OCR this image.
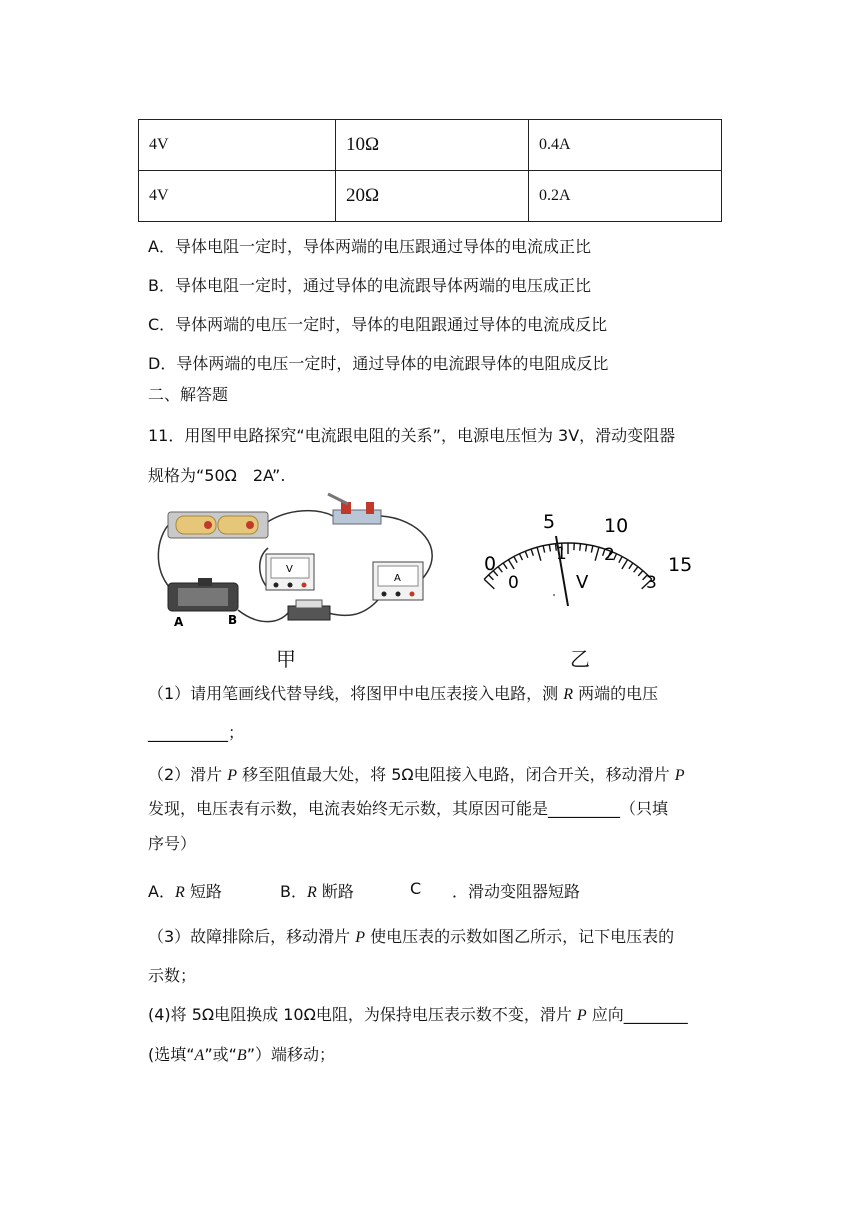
4V	10Ω	0.4A
4V	20Ω	0.2A
A．导体电阻一定时，导体两端的电压跟通过导体的电流成正比
B．导体电阻一定时，通过导体的电流跟导体两端的电压成正比
C．导体两端的电压一定时，导体的电阻跟通过导体的电流成反比
D．导体两端的电压一定时，通过导体的电流跟导体的电阻成反比
二、解答题
11．用图甲电路探究“电流跟电阻的关系”，电源电压恒为 3V，滑动变阻器
规格为“50Ω　2A”.
A	B
V
A
0
5	10
15
0
1 2
3
V
甲	乙
（1）请用笔画线代替导线，将图甲中电压表接入电路，测 R 两端的电压
__________；
（2）滑片 P 移至阻值最大处，将 5Ω电阻接入电路，闭合开关，移动滑片 P
发现，电压表有示数，电流表始终无示数，其原因可能是_________（只填
序号）
A．R 短路	B．R 断路	C ．滑动变阻器短路
（3）故障排除后，移动滑片 P 使电压表的示数如图乙所示，记下电压表的
示数；
(4)将 5Ω电阻换成 10Ω电阻，为保持电压表示数不变，滑片 P 应向________
(选填“A”或“B”）端移动；
